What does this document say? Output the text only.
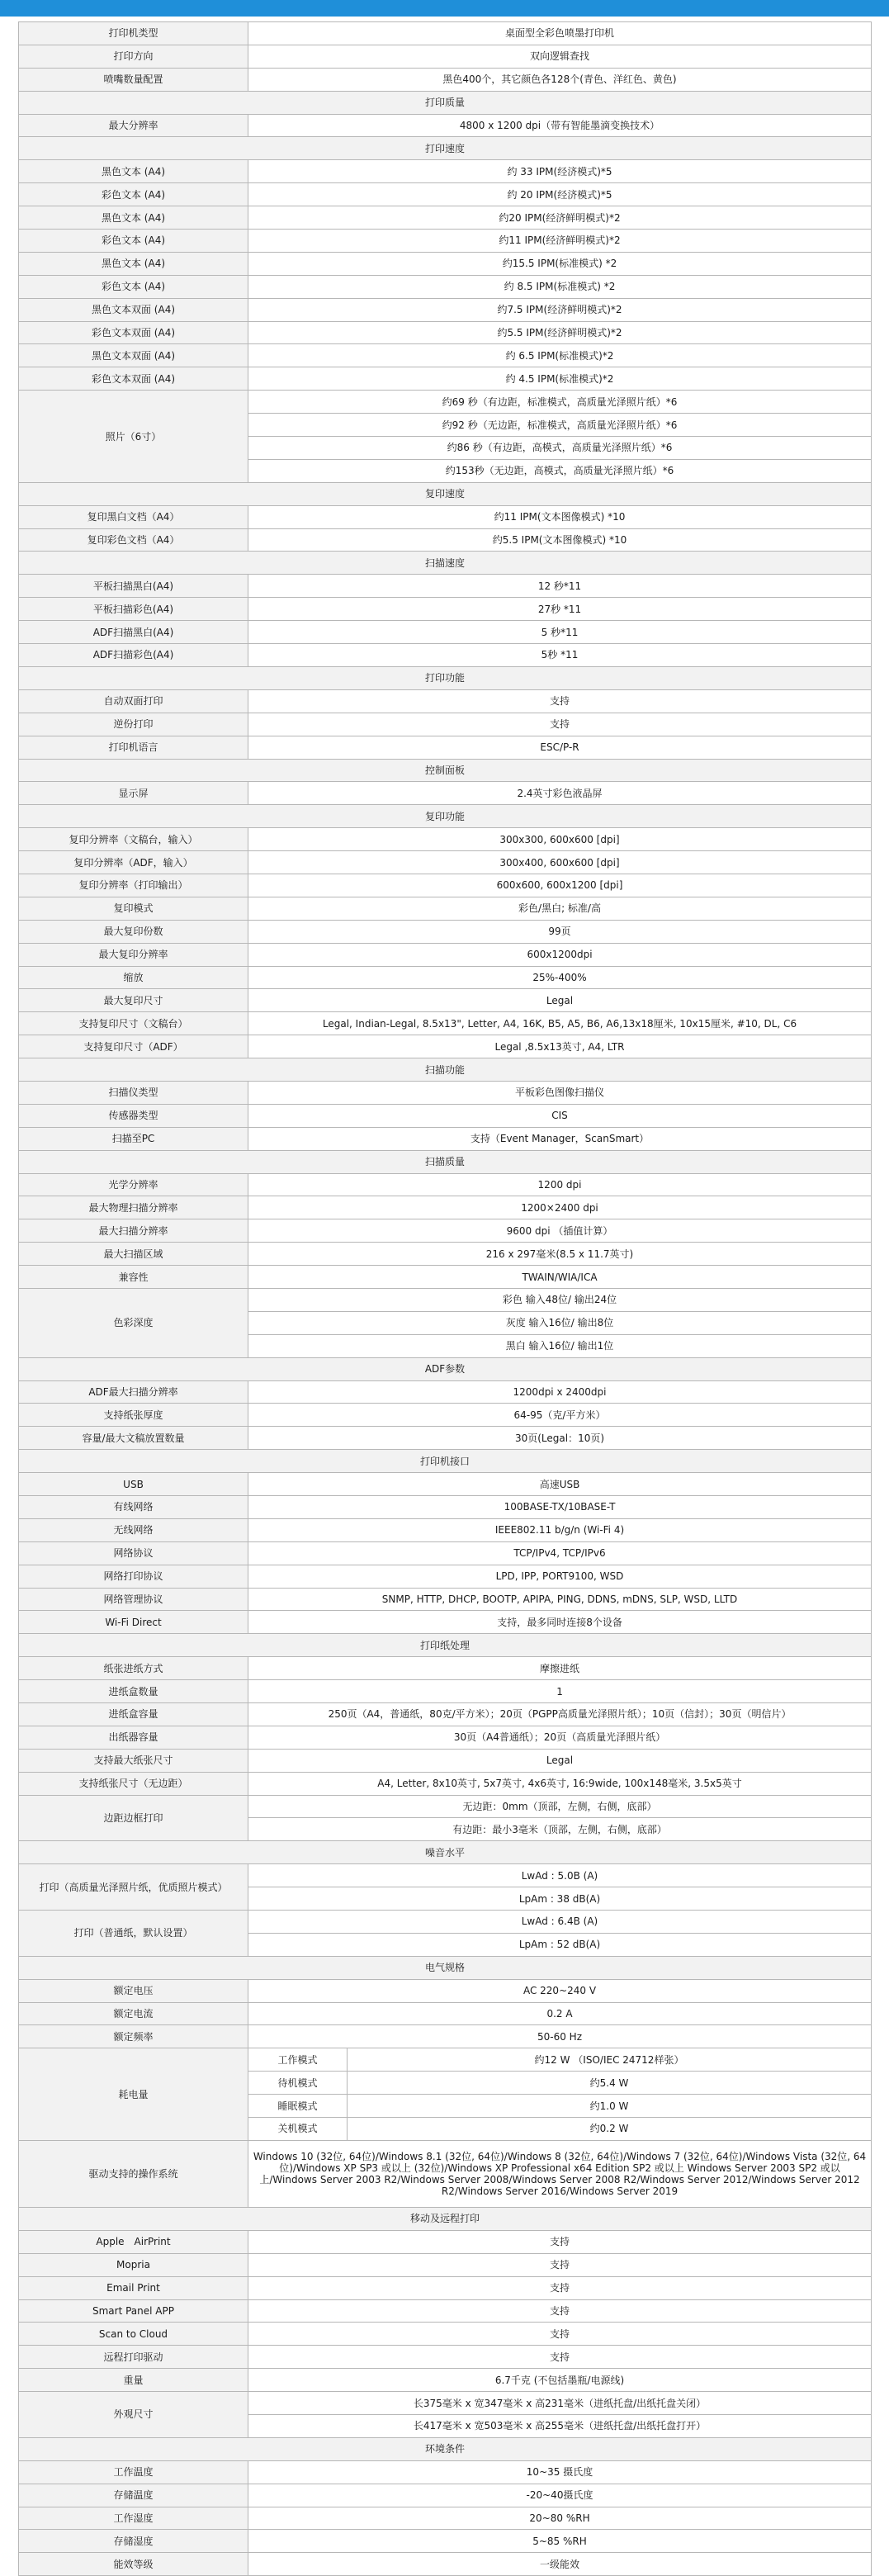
打印机类型	桌面型全彩色喷墨打印机	
打印方向	双向逻辑查找	
喷嘴数量配置	黑色400个，其它颜色各128个(青色、洋红色、黄色)	
打印质量		
最大分辨率	4800 x 1200 dpi（带有智能墨滴变换技术）	
打印速度		
黑色文本 (A4)	约 33 IPM(经济模式)*5	
彩色文本 (A4)	约 20 IPM(经济模式)*5	
黑色文本 (A4)	约20 IPM(经济鲜明模式)*2	
彩色文本 (A4)	约11 IPM(经济鲜明模式)*2	
黑色文本 (A4)	约15.5 IPM(标准模式) *2	
彩色文本 (A4)	约 8.5 IPM(标准模式) *2	
黑色文本双面 (A4)	约7.5 IPM(经济鲜明模式)*2	
彩色文本双面 (A4)	约5.5 IPM(经济鲜明模式)*2	
黑色文本双面 (A4)	约 6.5 IPM(标准模式)*2	
彩色文本双面 (A4)	约 4.5 IPM(标准模式)*2	
照片（6寸）	约69 秒（有边距，标准模式，高质量光泽照片纸）*6	
	约92 秒（无边距，标准模式，高质量光泽照片纸）*6	
	约86 秒（有边距，高模式，高质量光泽照片纸）*6	
	约153秒（无边距，高模式，高质量光泽照片纸）*6	
复印速度		
复印黑白文档（A4）	约11 IPM(文本图像模式) *10	
复印彩色文档（A4）	约5.5 IPM(文本图像模式) *10	
扫描速度		
平板扫描黑白(A4)	12 秒*11	
平板扫描彩色(A4)	27秒 *11	
ADF扫描黑白(A4)	5 秒*11	
ADF扫描彩色(A4)	5秒 *11	
打印功能		
自动双面打印	支持	
逆份打印	支持	
打印机语言	ESC/P-R	
控制面板		
显示屏	2.4英寸彩色液晶屏	
复印功能		
复印分辨率（文稿台，输入）	300x300, 600x600 [dpi]	
复印分辨率（ADF，输入）	300x400, 600x600 [dpi]	
复印分辨率（打印输出）	600x600, 600x1200 [dpi]	
复印模式	彩色/黑白; 标准/高	
最大复印份数	99页	
最大复印分辨率	600x1200dpi	
缩放	25%-400%	
最大复印尺寸	Legal	
支持复印尺寸（文稿台）	Legal, Indian-Legal, 8.5x13", Letter, A4, 16K, B5, A5, B6, A6,13x18厘米, 10x15厘米, #10, DL, C6	
支持复印尺寸（ADF）	Legal ,8.5x13英寸, A4, LTR	
扫描功能		
扫描仪类型	平板彩色图像扫描仪	
传感器类型	CIS	
扫描至PC	支持（Event Manager，ScanSmart）	
扫描质量		
光学分辨率	1200 dpi	
最大物理扫描分辨率	1200×2400 dpi	
最大扫描分辨率	9600 dpi （插值计算）	
最大扫描区域	216 x 297毫米(8.5 x 11.7英寸)	
兼容性	TWAIN/WIA/ICA	
色彩深度	彩色 输入48位/ 输出24位	
	灰度 输入16位/ 输出8位	
	黑白 输入16位/ 输出1位	
ADF参数		
ADF最大扫描分辨率	1200dpi x 2400dpi	
支持纸张厚度	64-95（克/平方米）	
容量/最大文稿放置数量	30页(Legal：10页)	
打印机接口		
USB	高速USB	
有线网络	100BASE-TX/10BASE-T	
无线网络	IEEE802.11 b/g/n (Wi-Fi 4)	
网络协议	TCP/IPv4, TCP/IPv6	
网络打印协议	LPD, IPP, PORT9100, WSD	
网络管理协议	SNMP, HTTP, DHCP, BOOTP, APIPA, PING, DDNS, mDNS, SLP, WSD, LLTD	
Wi-Fi Direct	支持，最多同时连接8个设备	
打印纸处理		
纸张进纸方式	摩擦进纸	
进纸盒数量	1	
进纸盒容量	250页（A4，普通纸，80克/平方米）；20页（PGPP高质量光泽照片纸）；10页（信封）；30页（明信片）	
出纸器容量	30页（A4普通纸）；20页（高质量光泽照片纸）	
支持最大纸张尺寸	Legal	
支持纸张尺寸（无边距）	A4, Letter, 8x10英寸, 5x7英寸, 4x6英寸, 16:9wide, 100x148毫米, 3.5x5英寸	
边距边框打印	无边距：0mm（顶部，左侧，右侧，底部）	
	有边距：最小3毫米（顶部，左侧，右侧，底部）	
噪音水平		
打印（高质量光泽照片纸，优质照片模式）	LwAd : 5.0B (A)	
	LpAm : 38 dB(A)	
打印（普通纸，默认设置）	LwAd : 6.4B (A)	
	LpAm : 52 dB(A)	
电气规格		
额定电压	AC 220~240 V	
额定电流	0.2 A	
额定频率	50-60 Hz	
耗电量	工作模式	约12 W （ISO/IEC 24712样张）
	待机模式	约5.4 W
	睡眠模式	约1.0 W
	关机模式	约0.2 W
驱动支持的操作系统	Windows 10 (32位, 64位)/Windows 8.1 (32位, 64位)/Windows 8 (32位, 64位)/Windows 7 (32位, 64位)/Windows Vista (32位, 64位)/Windows XP SP3 或以上 (32位)/Windows XP Professional x64 Edition SP2 或以上 Windows Server 2003 SP2 或以上/Windows Server 2003 R2/Windows Server 2008/Windows Server 2008 R2/Windows Server 2012/Windows Server 2012 R2/Windows Server 2016/Windows Server 2019	
移动及远程打印		
Apple　AirPrint	支持	
Mopria	支持	
Email Print	支持	
Smart Panel APP	支持	
Scan to Cloud	支持	
远程打印驱动	支持	
重量	6.7千克 (不包括墨瓶/电源线)	
外观尺寸	长375毫米 x 宽347毫米 x 高231毫米（进纸托盘/出纸托盘关闭）	
	长417毫米 x 宽503毫米 x 高255毫米（进纸托盘/出纸托盘打开）	
环境条件		
工作温度	10~35 摄氏度	
存储温度	-20~40摄氏度	
工作湿度	20~80 %RH	
存储湿度	5~85 %RH	
能效等级	一级能效	
